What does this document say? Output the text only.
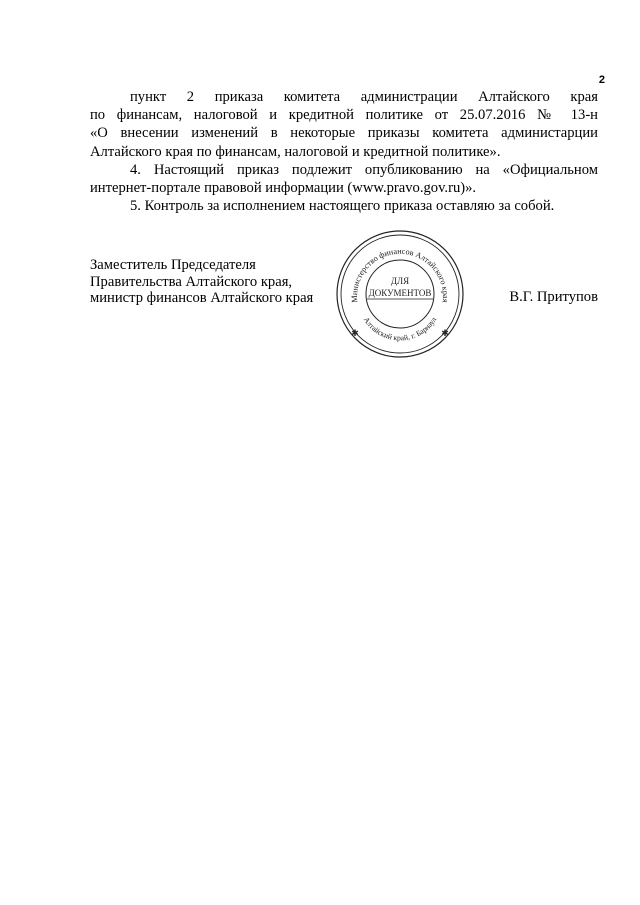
2

пункт 2 приказа комитета администрации Алтайского края

по финансам, налоговой и кредитной политике от 25.07.2016 № 13-н

«О внесении изменений в некоторые приказы комитета администарции

Алтайского края по финансам, налоговой и кредитной политике».

4. Настоящий приказ подлежит опубликованию на «Официальном

интернет-портале правовой информации (www.pravo.gov.ru)».

5. Контроль за исполнением настоящего приказа оставляю за собой.

Заместитель Председателя
Правительства Алтайского края,
министр финансов Алтайского края	Министерство финансов Алтайского края
Алтайский край, г. Барнаул
✱	✱
ДЛЯ
ДОКУМЕНТОВ	В.Г. Притупов
